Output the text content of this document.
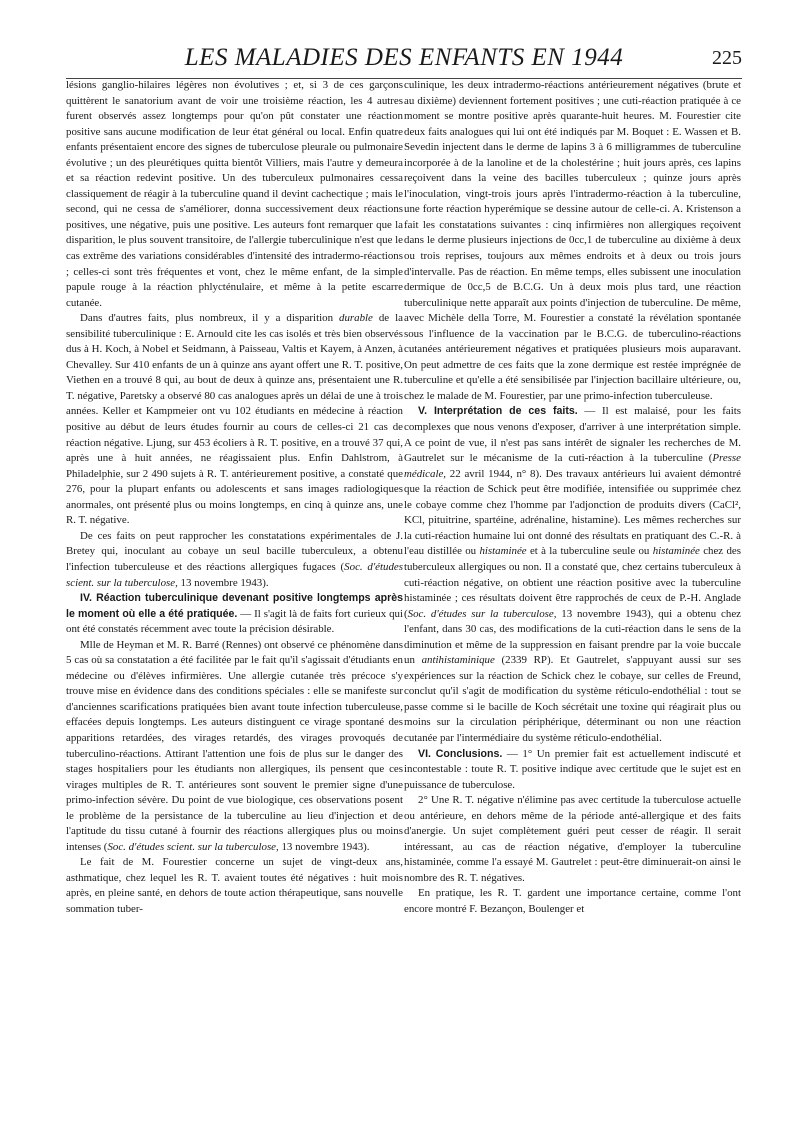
LES MALADIES DES ENFANTS EN 1944	225

lésions ganglio-hilaires légères non évolutives ; et, si 3 de ces garçons quittèrent le sanatorium avant de voir une troisième réaction, les 4 autres furent observés assez longtemps pour qu'on pût constater une réaction positive sans aucune modification de leur état général ou local. Enfin quatre enfants présentaient encore des signes de tuberculose pleurale ou pulmonaire évolutive ; un des pleurétiques quitta bientôt Villiers, mais l'autre y demeura et sa réaction redevint positive. Un des tuberculeux pulmonaires cessa classiquement de réagir à la tuberculine quand il devint cachectique ; mais le second, qui ne cessa de s'améliorer, donna successivement deux réactions positives, une négative, puis une positive. Les auteurs font remarquer que la disparition, le plus souvent transitoire, de l'allergie tuberculinique n'est que le cas extrême des variations considérables d'intensité des intradermo-réactions ; celles-ci sont très fréquentes et vont, chez le même enfant, de la simple papule rouge à la réaction phlycténulaire, et même à la petite escarre cutanée.

Dans d'autres faits, plus nombreux, il y a disparition durable de la sensibilité tuberculinique : E. Arnould cite les cas isolés et très bien observés dus à H. Koch, à Nobel et Seidmann, à Paisseau, Valtis et Kayem, à Anzen, à Chevalley. Sur 410 enfants de un à quinze ans ayant offert une R. T. positive, Viethen en a trouvé 8 qui, au bout de deux à quinze ans, présentaient une R. T. négative, Paretsky a observé 80 cas analogues après un délai de une à trois années. Keller et Kampmeier ont vu 102 étudiants en médecine à réaction positive au début de leurs études fournir au cours de celles-ci 21 cas de réaction négative. Ljung, sur 453 écoliers à R. T. positive, en a trouvé 37 qui, après une à huit années, ne réagissaient plus. Enfin Dahlstrom, à Philadelphie, sur 2 490 sujets à R. T. antérieurement positive, a constaté que 276, pour la plupart enfants ou adolescents et sans images radiologiques anormales, ont présenté plus ou moins longtemps, en cinq à quinze ans, une R. T. négative.

De ces faits on peut rapprocher les constatations expérimentales de J. Bretey qui, inoculant au cobaye un seul bacille tuberculeux, a obtenu l'infection tuberculeuse et des réactions allergiques fugaces (Soc. d'études scient. sur la tuberculose, 13 novembre 1943).

IV. Réaction tuberculinique devenant positive longtemps après le moment où elle a été pratiquée. — Il s'agit là de faits fort curieux qui ont été constatés récemment avec toute la précision désirable.

Mlle de Heyman et M. R. Barré (Rennes) ont observé ce phénomène dans 5 cas où sa constatation a été facilitée par le fait qu'il s'agissait d'étudiants en médecine ou d'élèves infirmières. Une allergie cutanée très précoce s'y trouve mise en évidence dans des conditions spéciales : elle se manifeste sur d'anciennes scarifications pratiquées bien avant toute infection tuberculeuse, effacées depuis longtemps. Les auteurs distinguent ce virage spontané des apparitions retardées, des virages retardés, des virages provoqués de tuberculino-réactions. Attirant l'attention une fois de plus sur le danger des stages hospitaliers pour les étudiants non allergiques, ils pensent que ces virages multiples de R. T. antérieures sont souvent le premier signe d'une primo-infection sévère. Du point de vue biologique, ces observations posent le problème de la persistance de la tuberculine au lieu d'injection et de l'aptitude du tissu cutané à fournir des réactions allergiques plus ou moins intenses (Soc. d'études scient. sur la tuberculose, 13 novembre 1943).

Le fait de M. Fourestier concerne un sujet de vingt-deux ans, asthmatique, chez lequel les R. T. avaient toutes été négatives : huit mois après, en pleine santé, en dehors de toute action thérapeutique, sans nouvelle sommation tuber-

culinique, les deux intradermo-réactions antérieurement négatives (brute et au dixième) deviennent fortement positives ; une cuti-réaction pratiquée à ce moment se montre positive après quarante-huit heures. M. Fourestier cite deux faits analogues qui lui ont été indiqués par M. Boquet : E. Wassen et B. Sevedin injectent dans le derme de lapins 3 à 6 milligrammes de tuberculine incorporée à de la lanoline et de la cholestérine ; huit jours après, ces lapins reçoivent dans la veine des bacilles tuberculeux ; quinze jours après l'inoculation, vingt-trois jours après l'intradermo-réaction à la tuberculine, une forte réaction hyperémique se dessine autour de celle-ci. A. Kristenson a fait les constatations suivantes : cinq infirmières non allergiques reçoivent dans le derme plusieurs injections de 0cc,1 de tuberculine au dixième à deux ou trois reprises, toujours aux mêmes endroits et à deux ou trois jours d'intervalle. Pas de réaction. En même temps, elles subissent une inoculation dermique de 0cc,5 de B.C.G. Un à deux mois plus tard, une réaction tuberculinique nette apparaît aux points d'injection de tuberculine. De même, avec Michèle della Torre, M. Fourestier a constaté la révélation spontanée sous l'influence de la vaccination par le B.C.G. de tuberculino-réactions cutanées antérieurement négatives et pratiquées plusieurs mois auparavant. On peut admettre de ces faits que la zone dermique est restée imprégnée de tuberculine et qu'elle a été sensibilisée par l'injection bacillaire ultérieure, ou, chez le malade de M. Fourestier, par une primo-infection tuberculeuse.

V. Interprétation de ces faits. — Il est malaisé, pour les faits complexes que nous venons d'exposer, d'arriver à une interprétation simple. A ce point de vue, il n'est pas sans intérêt de signaler les recherches de M. Gautrelet sur le mécanisme de la cuti-réaction à la tuberculine (Presse médicale, 22 avril 1944, n° 8). Des travaux antérieurs lui avaient démontré que la réaction de Schick peut être modifiée, intensifiée ou supprimée chez le cobaye comme chez l'homme par l'adjonction de produits divers (CaCl², KCl, pituitrine, spartéine, adrénaline, histamine). Les mêmes recherches sur la cuti-réaction humaine lui ont donné des résultats en pratiquant des C.-R. à l'eau distillée ou histaminée et à la tuberculine seule ou histaminée chez des tuberculeux allergiques ou non. Il a constaté que, chez certains tuberculeux à cuti-réaction négative, on obtient une réaction positive avec la tuberculine histaminée ; ces résultats doivent être rapprochés de ceux de P.-H. Anglade (Soc. d'études sur la tuberculose, 13 novembre 1943), qui a obtenu chez l'enfant, dans 30 cas, des modifications de la cuti-réaction dans le sens de la diminution et même de la suppression en faisant prendre par la voie buccale un antihistaminique (2339 RP). Et Gautrelet, s'appuyant aussi sur ses expériences sur la réaction de Schick chez le cobaye, sur celles de Freund, conclut qu'il s'agit de modification du système réticulo-endothélial : tout se passe comme si le bacille de Koch sécrétait une toxine qui réagirait plus ou moins sur la circulation périphérique, déterminant ou non une réaction cutanée par l'intermédiaire du système réticulo-endothélial.

VI. Conclusions. — 1° Un premier fait est actuellement indiscuté et incontestable : toute R. T. positive indique avec certitude que le sujet est en puissance de tuberculose.

2° Une R. T. négative n'élimine pas avec certitude la tuberculose actuelle ou antérieure, en dehors même de la période anté-allergique et des faits d'anergie. Un sujet complètement guéri peut cesser de réagir. Il serait intéressant, au cas de réaction négative, d'employer la tuberculine histaminée, comme l'a essayé M. Gautrelet : peut-être diminuerait-on ainsi le nombre des R. T. négatives.

En pratique, les R. T. gardent une importance certaine, comme l'ont encore montré F. Bezançon, Boulenger et
